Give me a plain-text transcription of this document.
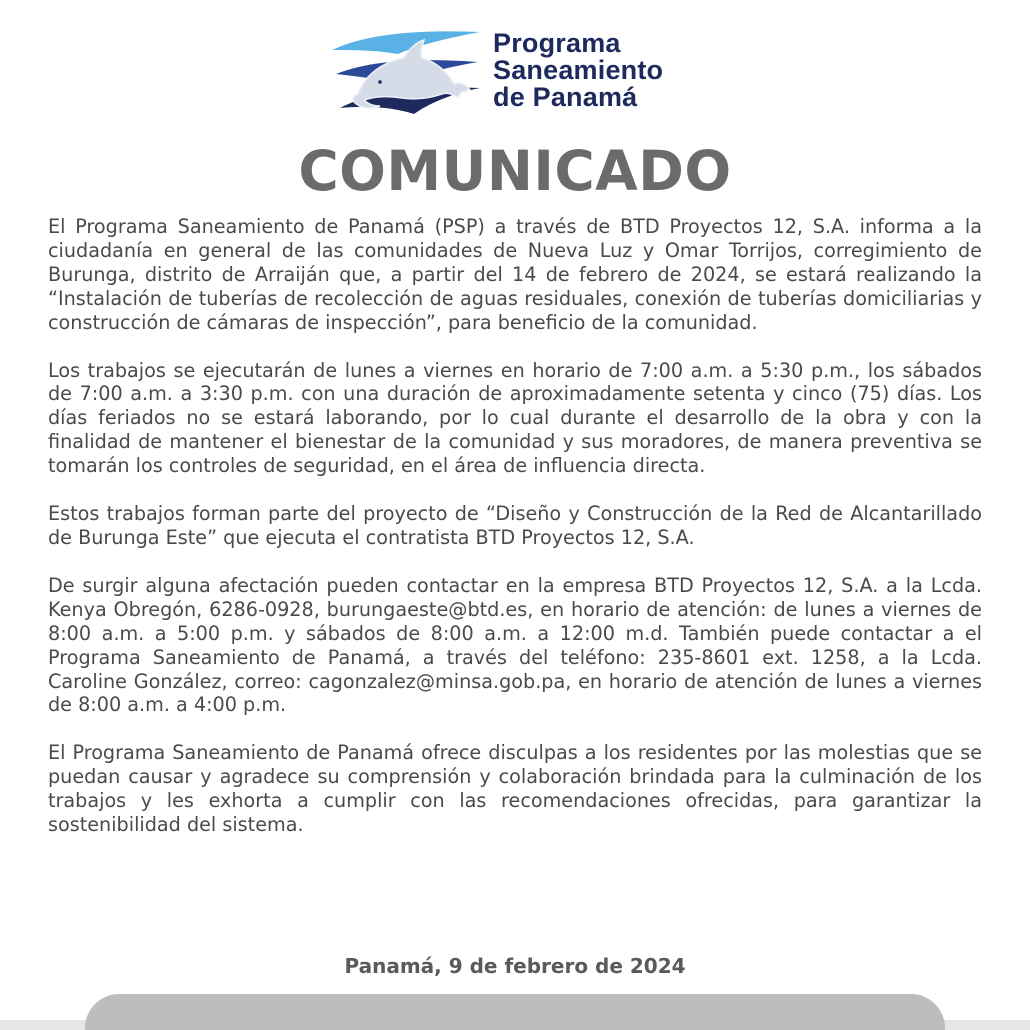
Programa
Saneamiento
de Panamá
COMUNICADO

El Programa Saneamiento de Panamá (PSP) a través de BTD Proyectos 12, S.A. informa a la ciudadanía en general de las comunidades de Nueva Luz y Omar Torrijos, corregimiento de Burunga, distrito de Arraiján que, a partir del 14 de febrero de 2024, se estará realizando la “Instalación de tuberías de recolección de aguas residuales, conexión de tuberías domiciliarias y construcción de cámaras de inspección”, para beneficio de la comunidad.

Los trabajos se ejecutarán de lunes a viernes en horario de 7:00 a.m. a 5:30 p.m., los sábados de 7:00 a.m. a 3:30 p.m. con una duración de aproximadamente setenta y cinco (75) días. Los días feriados no se estará laborando, por lo cual durante el desarrollo de la obra y con la finalidad de mantener el bienestar de la comunidad y sus moradores, de manera preventiva se tomarán los controles de seguridad, en el área de influencia directa.

Estos trabajos forman parte del proyecto de “Diseño y Construcción de la Red de Alcantarillado de Burunga Este” que ejecuta el contratista BTD Proyectos 12, S.A.

De surgir alguna afectación pueden contactar en la empresa BTD Proyectos 12, S.A. a la Lcda. Kenya Obregón, 6286-0928, burungaeste@btd.es, en horario de atención: de lunes a viernes de 8:00 a.m. a 5:00 p.m. y sábados de 8:00 a.m. a 12:00 m.d. También puede contactar a el Programa Saneamiento de Panamá, a través del teléfono: 235-8601 ext. 1258, a la Lcda. Caroline González, correo: cagonzalez@minsa.gob.pa, en horario de atención de lunes a viernes de 8:00 a.m. a 4:00 p.m.

El Programa Saneamiento de Panamá ofrece disculpas a los residentes por las molestias que se puedan causar y agradece su comprensión y colaboración brindada para la culminación de los trabajos y les exhorta a cumplir con las recomendaciones ofrecidas, para garantizar la sostenibilidad del sistema.

Panamá, 9 de febrero de 2024
